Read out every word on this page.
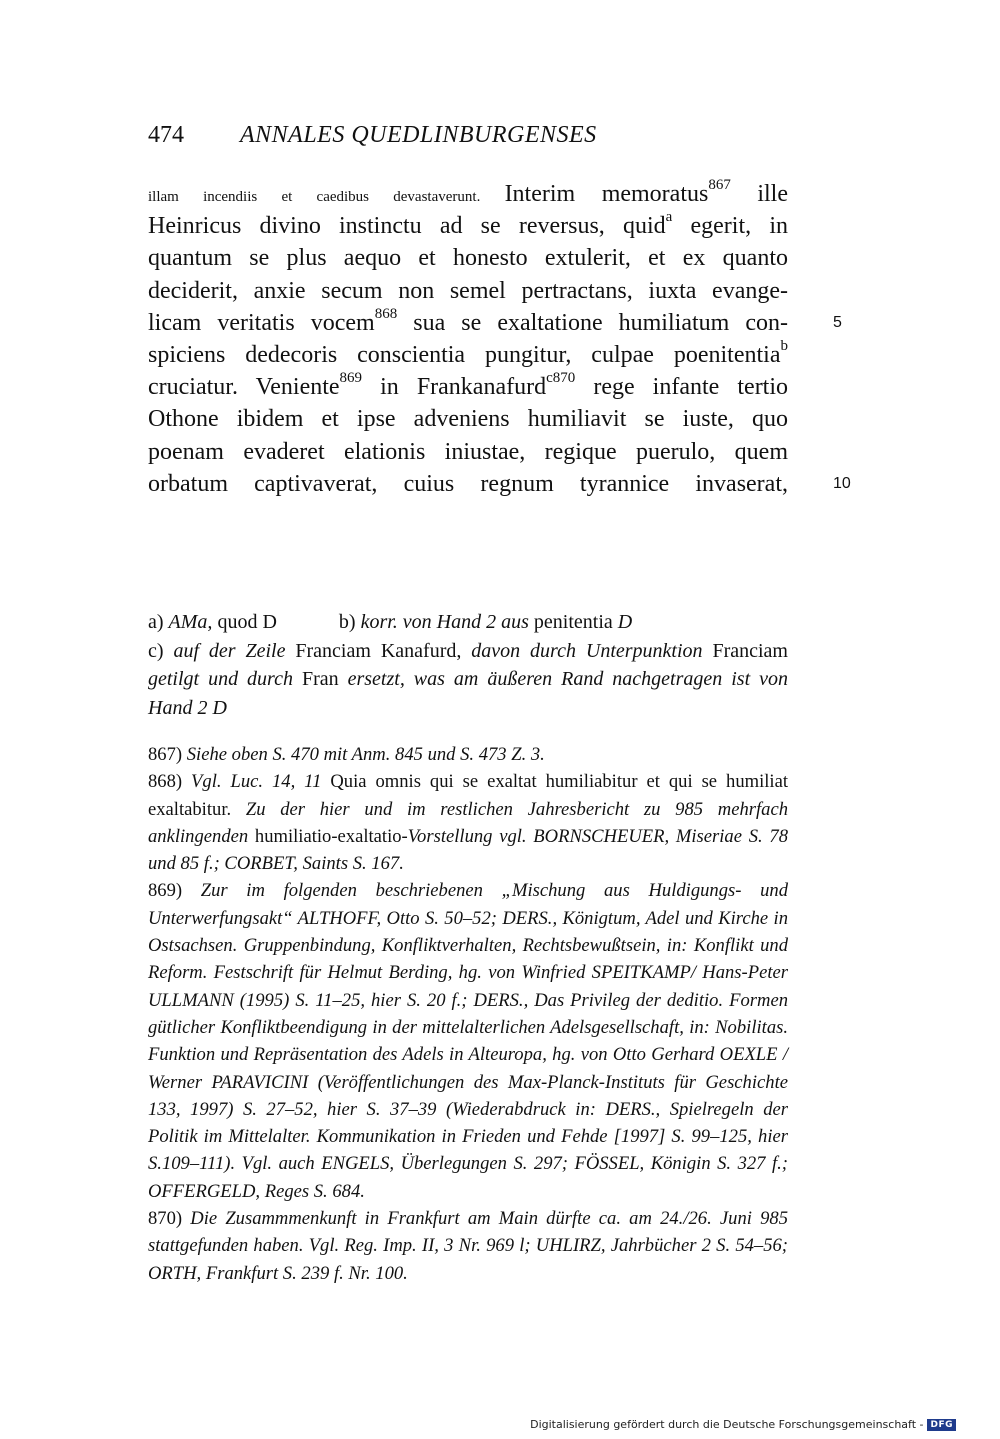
474 ANNALES QUEDLINBURGENSES
illam incendiis et caedibus devastaverunt. Interim memoratus$^{867}$ ille
Heinricus divino instinctu ad se reversus, quid$^a$ egerit, in
quantum se plus aequo et honesto extulerit, et ex quanto
deciderit, anxie secum non semel pertractans, iuxta evange-
licam veritatis vocem$^{868}$ sua se exaltatione humiliatum con-	5
spiciens dedecoris conscientia pungitur, culpae poenitentia$^b$
cruciatur. Veniente$^{869}$ in Frankanafurd$^{c870}$ rege infante tertio
Othone ibidem et ipse adveniens humiliavit se iuste, quo
poenam evaderet elationis iniustae, regique puerulo, quem
orbatum captivaverat, cuius regnum tyrannice invaserat,	10

a) AMa, quod D	b) korr. von Hand 2 aus penitentia D

c) auf der Zeile Franciam Kanafurd, davon durch Unterpunktion Franciam getilgt und durch Fran ersetzt, was am äußeren Rand nachgetragen ist von Hand 2 D

867) Siehe oben S. 470 mit Anm. 845 und S. 473 Z. 3.

868) Vgl. Luc. 14, 11 Quia omnis qui se exaltat humiliabitur et qui se humiliat exaltabitur. Zu der hier und im restlichen Jahresbericht zu 985 mehrfach anklingenden humiliatio-exaltatio-Vorstellung vgl. BORNSCHEUER, Miseriae S. 78 und 85 f.; CORBET, Saints S. 167.

869) Zur im folgenden beschriebenen „Mischung aus Huldigungs- und Unterwerfungsakt“ ALTHOFF, Otto S. 50–52; DERS., Königtum, Adel und Kirche in Ostsachsen. Gruppenbindung, Konfliktverhalten, Rechtsbewußtsein, in: Konflikt und Reform. Festschrift für Helmut Berding, hg. von Winfried SPEITKAMP/ Hans-Peter ULLMANN (1995) S. 11–25, hier S. 20 f.; DERS., Das Privileg der deditio. Formen gütlicher Konfliktbeendigung in der mittelalterlichen Adelsgesellschaft, in: Nobilitas. Funktion und Repräsentation des Adels in Alteuropa, hg. von Otto Gerhard OEXLE / Werner PARAVICINI (Veröffentlichungen des Max-Planck-Instituts für Geschichte 133, 1997) S. 27–52, hier S. 37–39 (Wiederabdruck in: DERS., Spielregeln der Politik im Mittelalter. Kommunikation in Frieden und Fehde [1997] S. 99–125, hier S.109–111). Vgl. auch ENGELS, Überlegungen S. 297; FÖSSEL, Königin S. 327 f.; OFFERGELD, Reges S. 684.

870) Die Zusammmenkunft in Frankfurt am Main dürfte ca. am 24./26. Juni 985 stattgefunden haben. Vgl. Reg. Imp. II, 3 Nr. 969 l; UHLIRZ, Jahrbücher 2 S. 54–56; ORTH, Frankfurt S. 239 f. Nr. 100.

Digitalisierung gefördert durch die Deutsche Forschungsgemeinschaft - DFG
